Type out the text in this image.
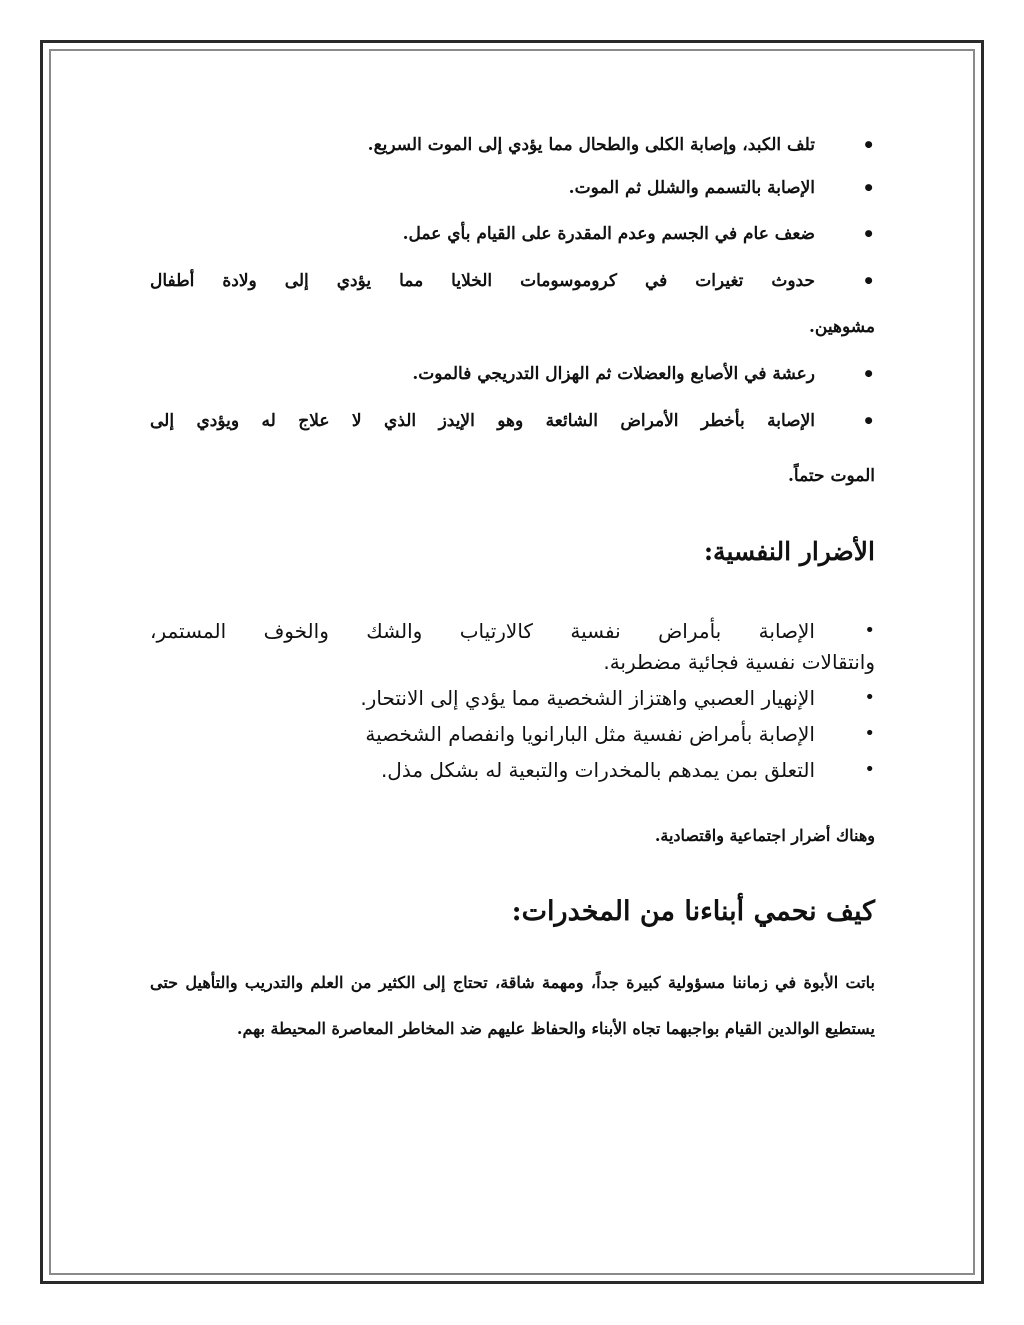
•
تلف الكبد، وإصابة الكلى والطحال مما يؤدي إلى الموت السريع.
•
الإصابة بالتسمم والشلل ثم الموت.
•
ضعف عام في الجسم وعدم المقدرة على القيام بأي عمل.
•
حدوث تغيرات في كروموسومات الخلايا مما يؤدي إلى ولادة أطفال
مشوهين.
•
رعشة في الأصابع والعضلات ثم الهزال التدريجي فالموت.
•
الإصابة بأخطر الأمراض الشائعة وهو الإيدز الذي لا علاج له ويؤدي إلى
الموت حتماً.
الأضرار النفسية:
•
الإصابة بأمراض نفسية كالارتياب والشك والخوف المستمر،
وانتقالات نفسية فجائية مضطربة.
•
الإنهيار العصبي واهتزاز الشخصية مما يؤدي إلى الانتحار.
•
الإصابة بأمراض نفسية مثل البارانويا وانفصام الشخصية
•
التعلق بمن يمدهم بالمخدرات والتبعية له بشكل مذل.
وهناك أضرار اجتماعية واقتصادية.
كيف نحمي أبناءنا من المخدرات:
باتت الأبوة في زماننا مسؤولية كبيرة جداً، ومهمة شاقة، تحتاج إلى الكثير من العلم والتدريب والتأهيل حتى يستطيع الوالدين القيام بواجبهما تجاه الأبناء والحفاظ عليهم ضد المخاطر المعاصرة المحيطة بهم.
